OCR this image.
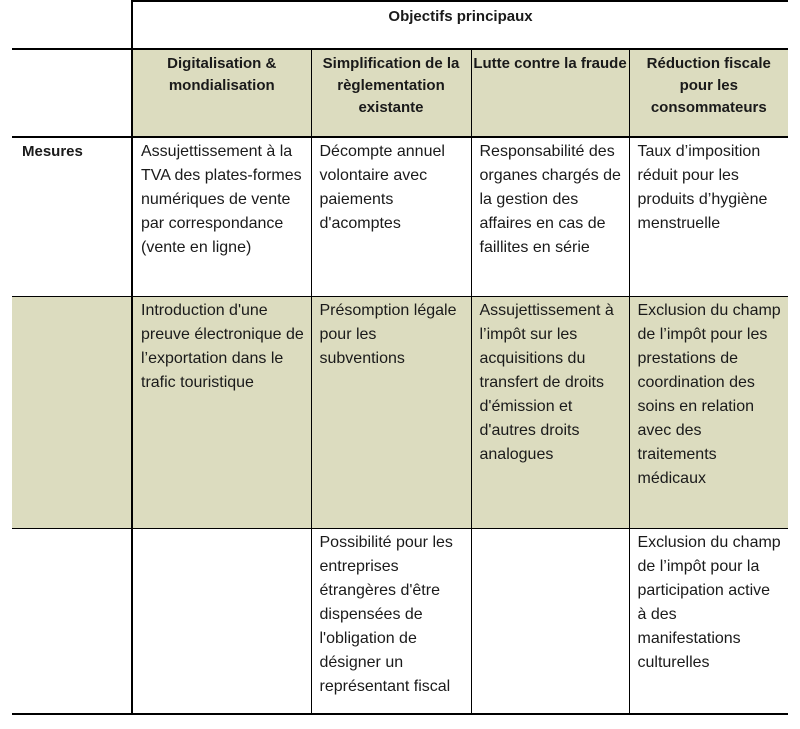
	Objectifs principaux			
	Digitalisation & mondialisation	Simplification de la règlementation existante	Lutte contre la fraude	Réduction fiscale pour les consommateurs
Mesures	Assujettissement à la TVA des plates-formes numériques de vente par correspondance (vente en ligne)	Décompte annuel volontaire avec paiements d'acomptes	Responsabilité des organes chargés de la gestion des affaires en cas de faillites en série	Taux d’imposition réduit pour les produits d’hygiène menstruelle
	Introduction d'une preuve électronique de l’exportation dans le trafic touristique	Présomption légale pour les subventions	Assujettissement à l’impôt sur les acquisitions du transfert de droits d'émission et d'autres droits analogues	Exclusion du champ de l’impôt pour les prestations de coordination des soins en relation avec des traitements médicaux
		Possibilité pour les entreprises étrangères d'être dispensées de l'obligation de désigner un représentant fiscal		Exclusion du champ de l’impôt pour la participation active à des manifestations culturelles
